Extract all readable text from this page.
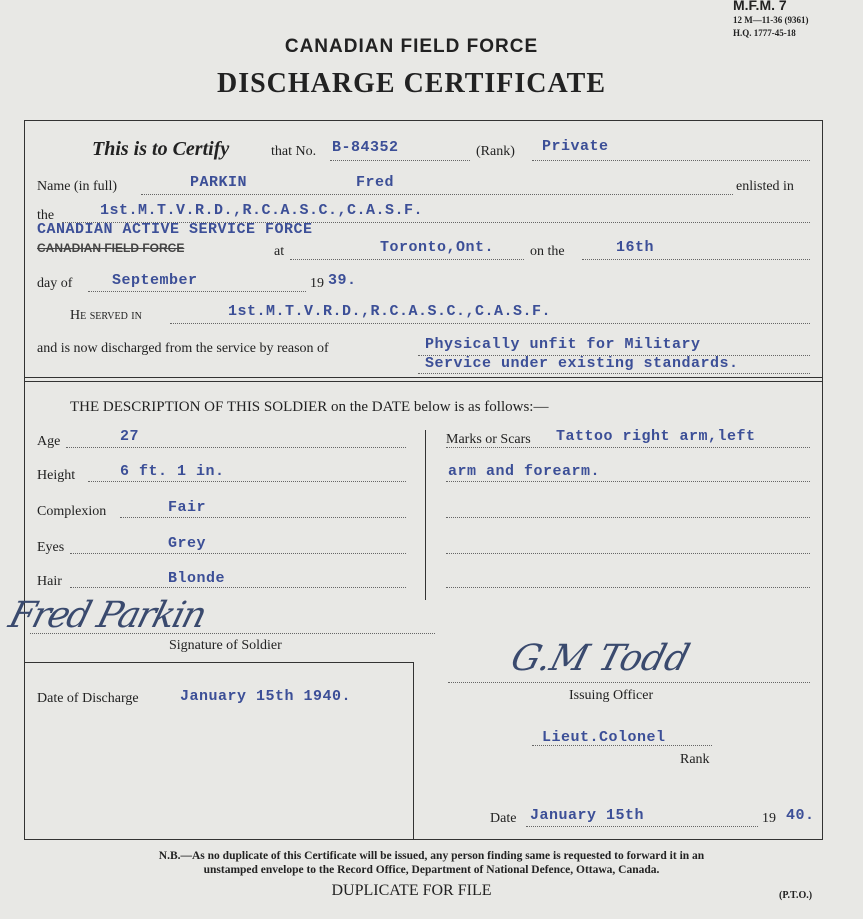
M.F.M. 7
12 M—11-36 (9361)
H.Q. 1777-45-18
CANADIAN FIELD FORCE
DISCHARGE CERTIFICATE
This is to Certify	that No. B-84352	(Rank) Private
Name (in full)	PARKIN	Fred	enlisted in
the	1st.M.T.V.R.D.,R.C.A.S.C.,C.A.S.F.
CANADIAN ACTIVE SERVICE FORCE
CANADIAN FIELD FORCE	at	Toronto,Ont.	on the	16th
day of	September	19 39.
He served in	1st.M.T.V.R.D.,R.C.A.S.C.,C.A.S.F.
and is now discharged from the service by reason of	Physically unfit for Military
Service under existing standards.
THE DESCRIPTION OF THIS SOLDIER on the DATE below is as follows:—
Age	27
Height	6 ft. 1 in.
Complexion	Fair
Eyes	Grey
Hair	Blonde
Marks or Scars Tattoo right arm,left
arm and forearm.
Fred Parkin
Signature of Soldier	G.M Todd
Issuing Officer
Lieut.Colonel
Rank
Date of Discharge	January 15th 1940.
Date January 15th	19 40.
N.B.—As no duplicate of this Certificate will be issued, any person finding same is requested to forward it in an
unstamped envelope to the Record Office, Department of National Defence, Ottawa, Canada.
DUPLICATE FOR FILE	(P.T.O.)
